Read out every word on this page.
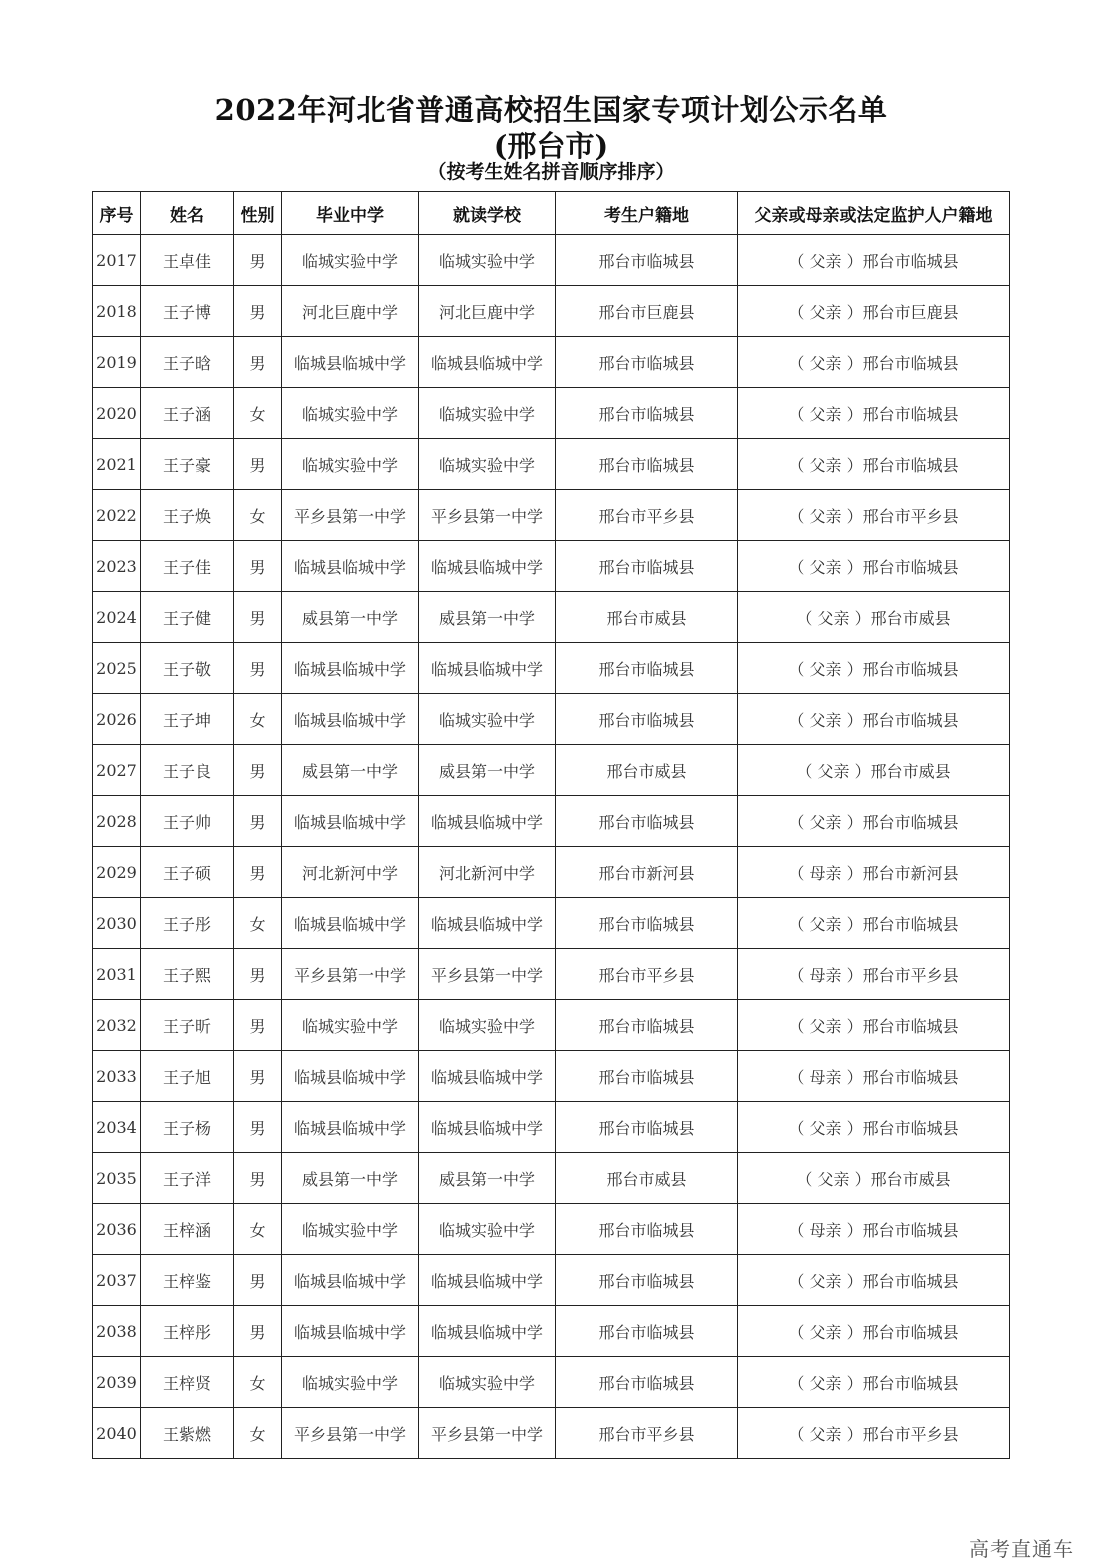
2022年河北省普通高校招生国家专项计划公示名单
(邢台市)
（按考生姓名拼音顺序排序）
序号	姓名	性别	毕业中学	就读学校	考生户籍地	父亲或母亲或法定监护人户籍地
2017	王卓佳	男	临城实验中学	临城实验中学	邢台市临城县	（ 父亲 ）邢台市临城县
2018	王子博	男	河北巨鹿中学	河北巨鹿中学	邢台市巨鹿县	（ 父亲 ）邢台市巨鹿县
2019	王子晗	男	临城县临城中学	临城县临城中学	邢台市临城县	（ 父亲 ）邢台市临城县
2020	王子涵	女	临城实验中学	临城实验中学	邢台市临城县	（ 父亲 ）邢台市临城县
2021	王子豪	男	临城实验中学	临城实验中学	邢台市临城县	（ 父亲 ）邢台市临城县
2022	王子焕	女	平乡县第一中学	平乡县第一中学	邢台市平乡县	（ 父亲 ）邢台市平乡县
2023	王子佳	男	临城县临城中学	临城县临城中学	邢台市临城县	（ 父亲 ）邢台市临城县
2024	王子健	男	威县第一中学	威县第一中学	邢台市威县	（ 父亲 ）邢台市威县
2025	王子敬	男	临城县临城中学	临城县临城中学	邢台市临城县	（ 父亲 ）邢台市临城县
2026	王子坤	女	临城县临城中学	临城实验中学	邢台市临城县	（ 父亲 ）邢台市临城县
2027	王子良	男	威县第一中学	威县第一中学	邢台市威县	（ 父亲 ）邢台市威县
2028	王子帅	男	临城县临城中学	临城县临城中学	邢台市临城县	（ 父亲 ）邢台市临城县
2029	王子硕	男	河北新河中学	河北新河中学	邢台市新河县	（ 母亲 ）邢台市新河县
2030	王子彤	女	临城县临城中学	临城县临城中学	邢台市临城县	（ 父亲 ）邢台市临城县
2031	王子熙	男	平乡县第一中学	平乡县第一中学	邢台市平乡县	（ 母亲 ）邢台市平乡县
2032	王子昕	男	临城实验中学	临城实验中学	邢台市临城县	（ 父亲 ）邢台市临城县
2033	王子旭	男	临城县临城中学	临城县临城中学	邢台市临城县	（ 母亲 ）邢台市临城县
2034	王子杨	男	临城县临城中学	临城县临城中学	邢台市临城县	（ 父亲 ）邢台市临城县
2035	王子洋	男	威县第一中学	威县第一中学	邢台市威县	（ 父亲 ）邢台市威县
2036	王梓涵	女	临城实验中学	临城实验中学	邢台市临城县	（ 母亲 ）邢台市临城县
2037	王梓鉴	男	临城县临城中学	临城县临城中学	邢台市临城县	（ 父亲 ）邢台市临城县
2038	王梓彤	男	临城县临城中学	临城县临城中学	邢台市临城县	（ 父亲 ）邢台市临城县
2039	王梓贤	女	临城实验中学	临城实验中学	邢台市临城县	（ 父亲 ）邢台市临城县
2040	王紫燃	女	平乡县第一中学	平乡县第一中学	邢台市平乡县	（ 父亲 ）邢台市平乡县
高考直通车
